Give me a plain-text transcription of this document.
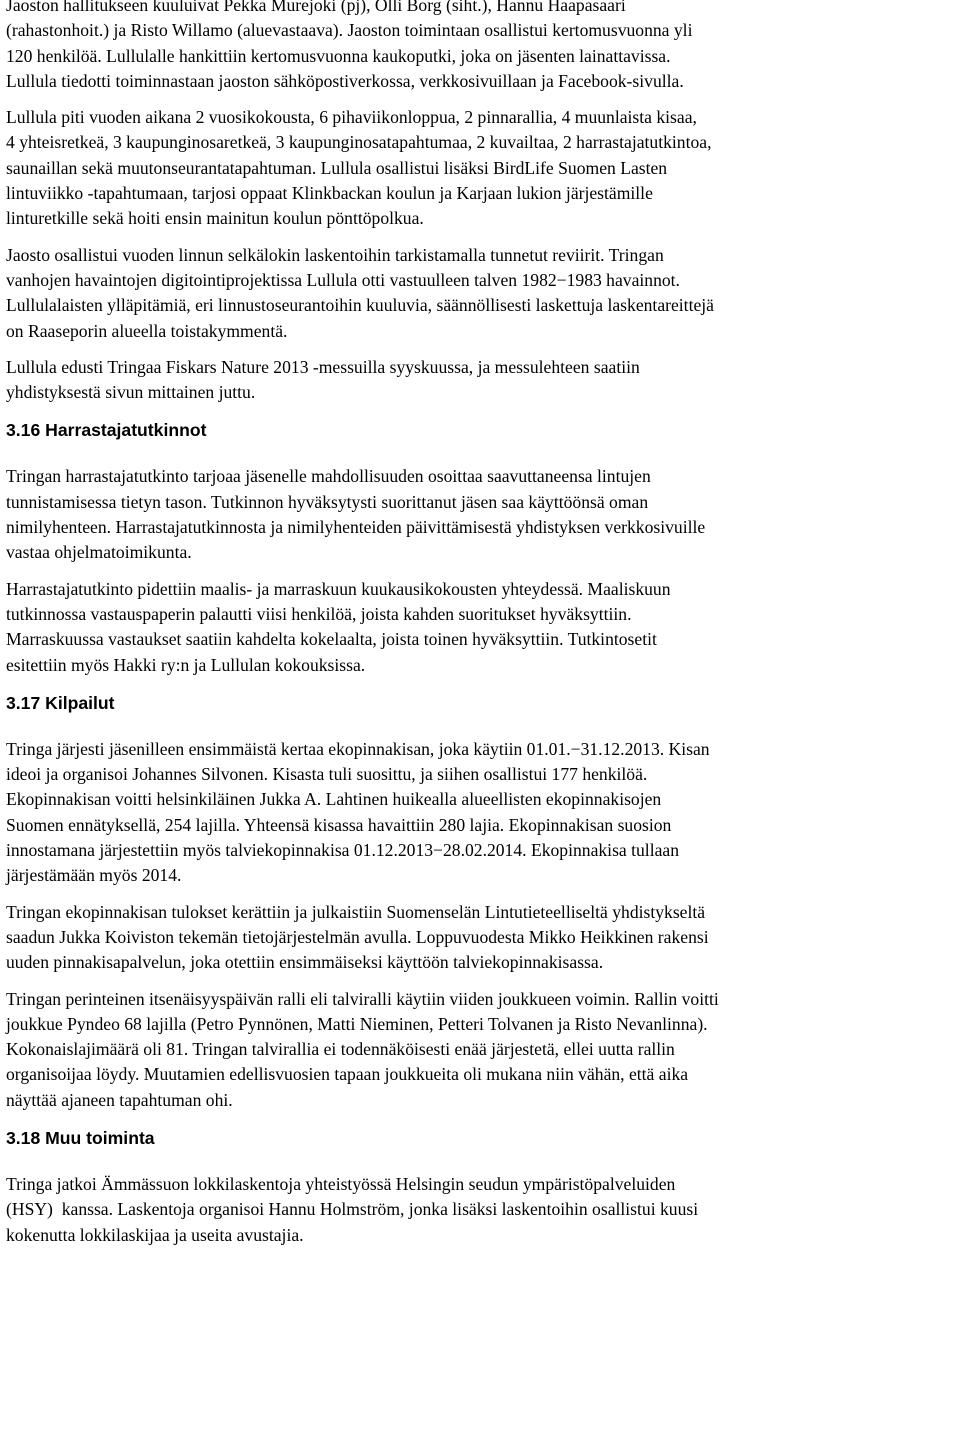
Jaoston hallitukseen kuuluivat Pekka Murejoki (pj), Olli Borg (siht.), Hannu Haapasaari
(rahastonhoit.) ja Risto Willamo (aluevastaava). Jaoston toimintaan osallistui kertomusvuonna yli
120 henkilöä. Lullulalle hankittiin kertomusvuonna kaukoputki, joka on jäsenten lainattavissa.
Lullula tiedotti toiminnastaan jaoston sähköpostiverkossa, verkkosivuillaan ja Facebook-sivulla.
Lullula piti vuoden aikana 2 vuosikokousta, 6 pihaviikonloppua, 2 pinnarallia, 4 muunlaista kisaa,
4 yhteisretkeä, 3 kaupunginosaretkeä, 3 kaupunginosatapahtumaa, 2 kuvailtaa, 2 harrastajatutkintoa,
saunaillan sekä muutonseurantatapahtuman. Lullula osallistui lisäksi BirdLife Suomen Lasten
lintuviikko -tapahtumaan, tarjosi oppaat Klinkbackan koulun ja Karjaan lukion järjestämille
linturetkille sekä hoiti ensin mainitun koulun pönttöpolkua.
Jaosto osallistui vuoden linnun selkälokin laskentoihin tarkistamalla tunnetut reviirit. Tringan
vanhojen havaintojen digitointiprojektissa Lullula otti vastuulleen talven 1982−1983 havainnot.
Lullulalaisten ylläpitämiä, eri linnustoseurantoihin kuuluvia, säännöllisesti laskettuja laskentareittejä
on Raaseporin alueella toistakymmentä.
Lullula edusti Tringaa Fiskars Nature 2013 -messuilla syyskuussa, ja messulehteen saatiin
yhdistyksestä sivun mittainen juttu.
3.16 Harrastajatutkinnot
Tringan harrastajatutkinto tarjoaa jäsenelle mahdollisuuden osoittaa saavuttaneensa lintujen
tunnistamisessa tietyn tason. Tutkinnon hyväksytysti suorittanut jäsen saa käyttöönsä oman
nimilyhenteen. Harrastajatutkinnosta ja nimilyhenteiden päivittämisestä yhdistyksen verkkosivuille
vastaa ohjelmatoimikunta.
Harrastajatutkinto pidettiin maalis- ja marraskuun kuukausikokousten yhteydessä. Maaliskuun
tutkinnossa vastauspaperin palautti viisi henkilöä, joista kahden suoritukset hyväksyttiin.
Marraskuussa vastaukset saatiin kahdelta kokelaalta, joista toinen hyväksyttiin. Tutkintosetit
esitettiin myös Hakki ry:n ja Lullulan kokouksissa.
3.17 Kilpailut
Tringa järjesti jäsenilleen ensimmäistä kertaa ekopinnakisan, joka käytiin 01.01.−31.12.2013. Kisan
ideoi ja organisoi Johannes Silvonen. Kisasta tuli suosittu, ja siihen osallistui 177 henkilöä.
Ekopinnakisan voitti helsinkiläinen Jukka A. Lahtinen huikealla alueellisten ekopinnakisojen
Suomen ennätyksellä, 254 lajilla. Yhteensä kisassa havaittiin 280 lajia. Ekopinnakisan suosion
innostamana järjestettiin myös talviekopinnakisa 01.12.2013−28.02.2014. Ekopinnakisa tullaan
järjestämään myös 2014.
Tringan ekopinnakisan tulokset kerättiin ja julkaistiin Suomenselän Lintutieteelliseltä yhdistykseltä
saadun Jukka Koiviston tekemän tietojärjestelmän avulla. Loppuvuodesta Mikko Heikkinen rakensi
uuden pinnakisapalvelun, joka otettiin ensimmäiseksi käyttöön talviekopinnakisassa.
Tringan perinteinen itsenäisyyspäivän ralli eli talviralli käytiin viiden joukkueen voimin. Rallin voitti
joukkue Pyndeo 68 lajilla (Petro Pynnönen, Matti Nieminen, Petteri Tolvanen ja Risto Nevanlinna).
Kokonaislajimäärä oli 81. Tringan talvirallia ei todennäköisesti enää järjestetä, ellei uutta rallin
organisoijaa löydy. Muutamien edellisvuosien tapaan joukkueita oli mukana niin vähän, että aika
näyttää ajaneen tapahtuman ohi.
3.18 Muu toiminta
Tringa jatkoi Ämmässuon lokkilaskentoja yhteistyössä Helsingin seudun ympäristöpalveluiden
(HSY)  kanssa. Laskentoja organisoi Hannu Holmström, jonka lisäksi laskentoihin osallistui kuusi
kokenutta lokkilaskijaa ja useita avustajia.
